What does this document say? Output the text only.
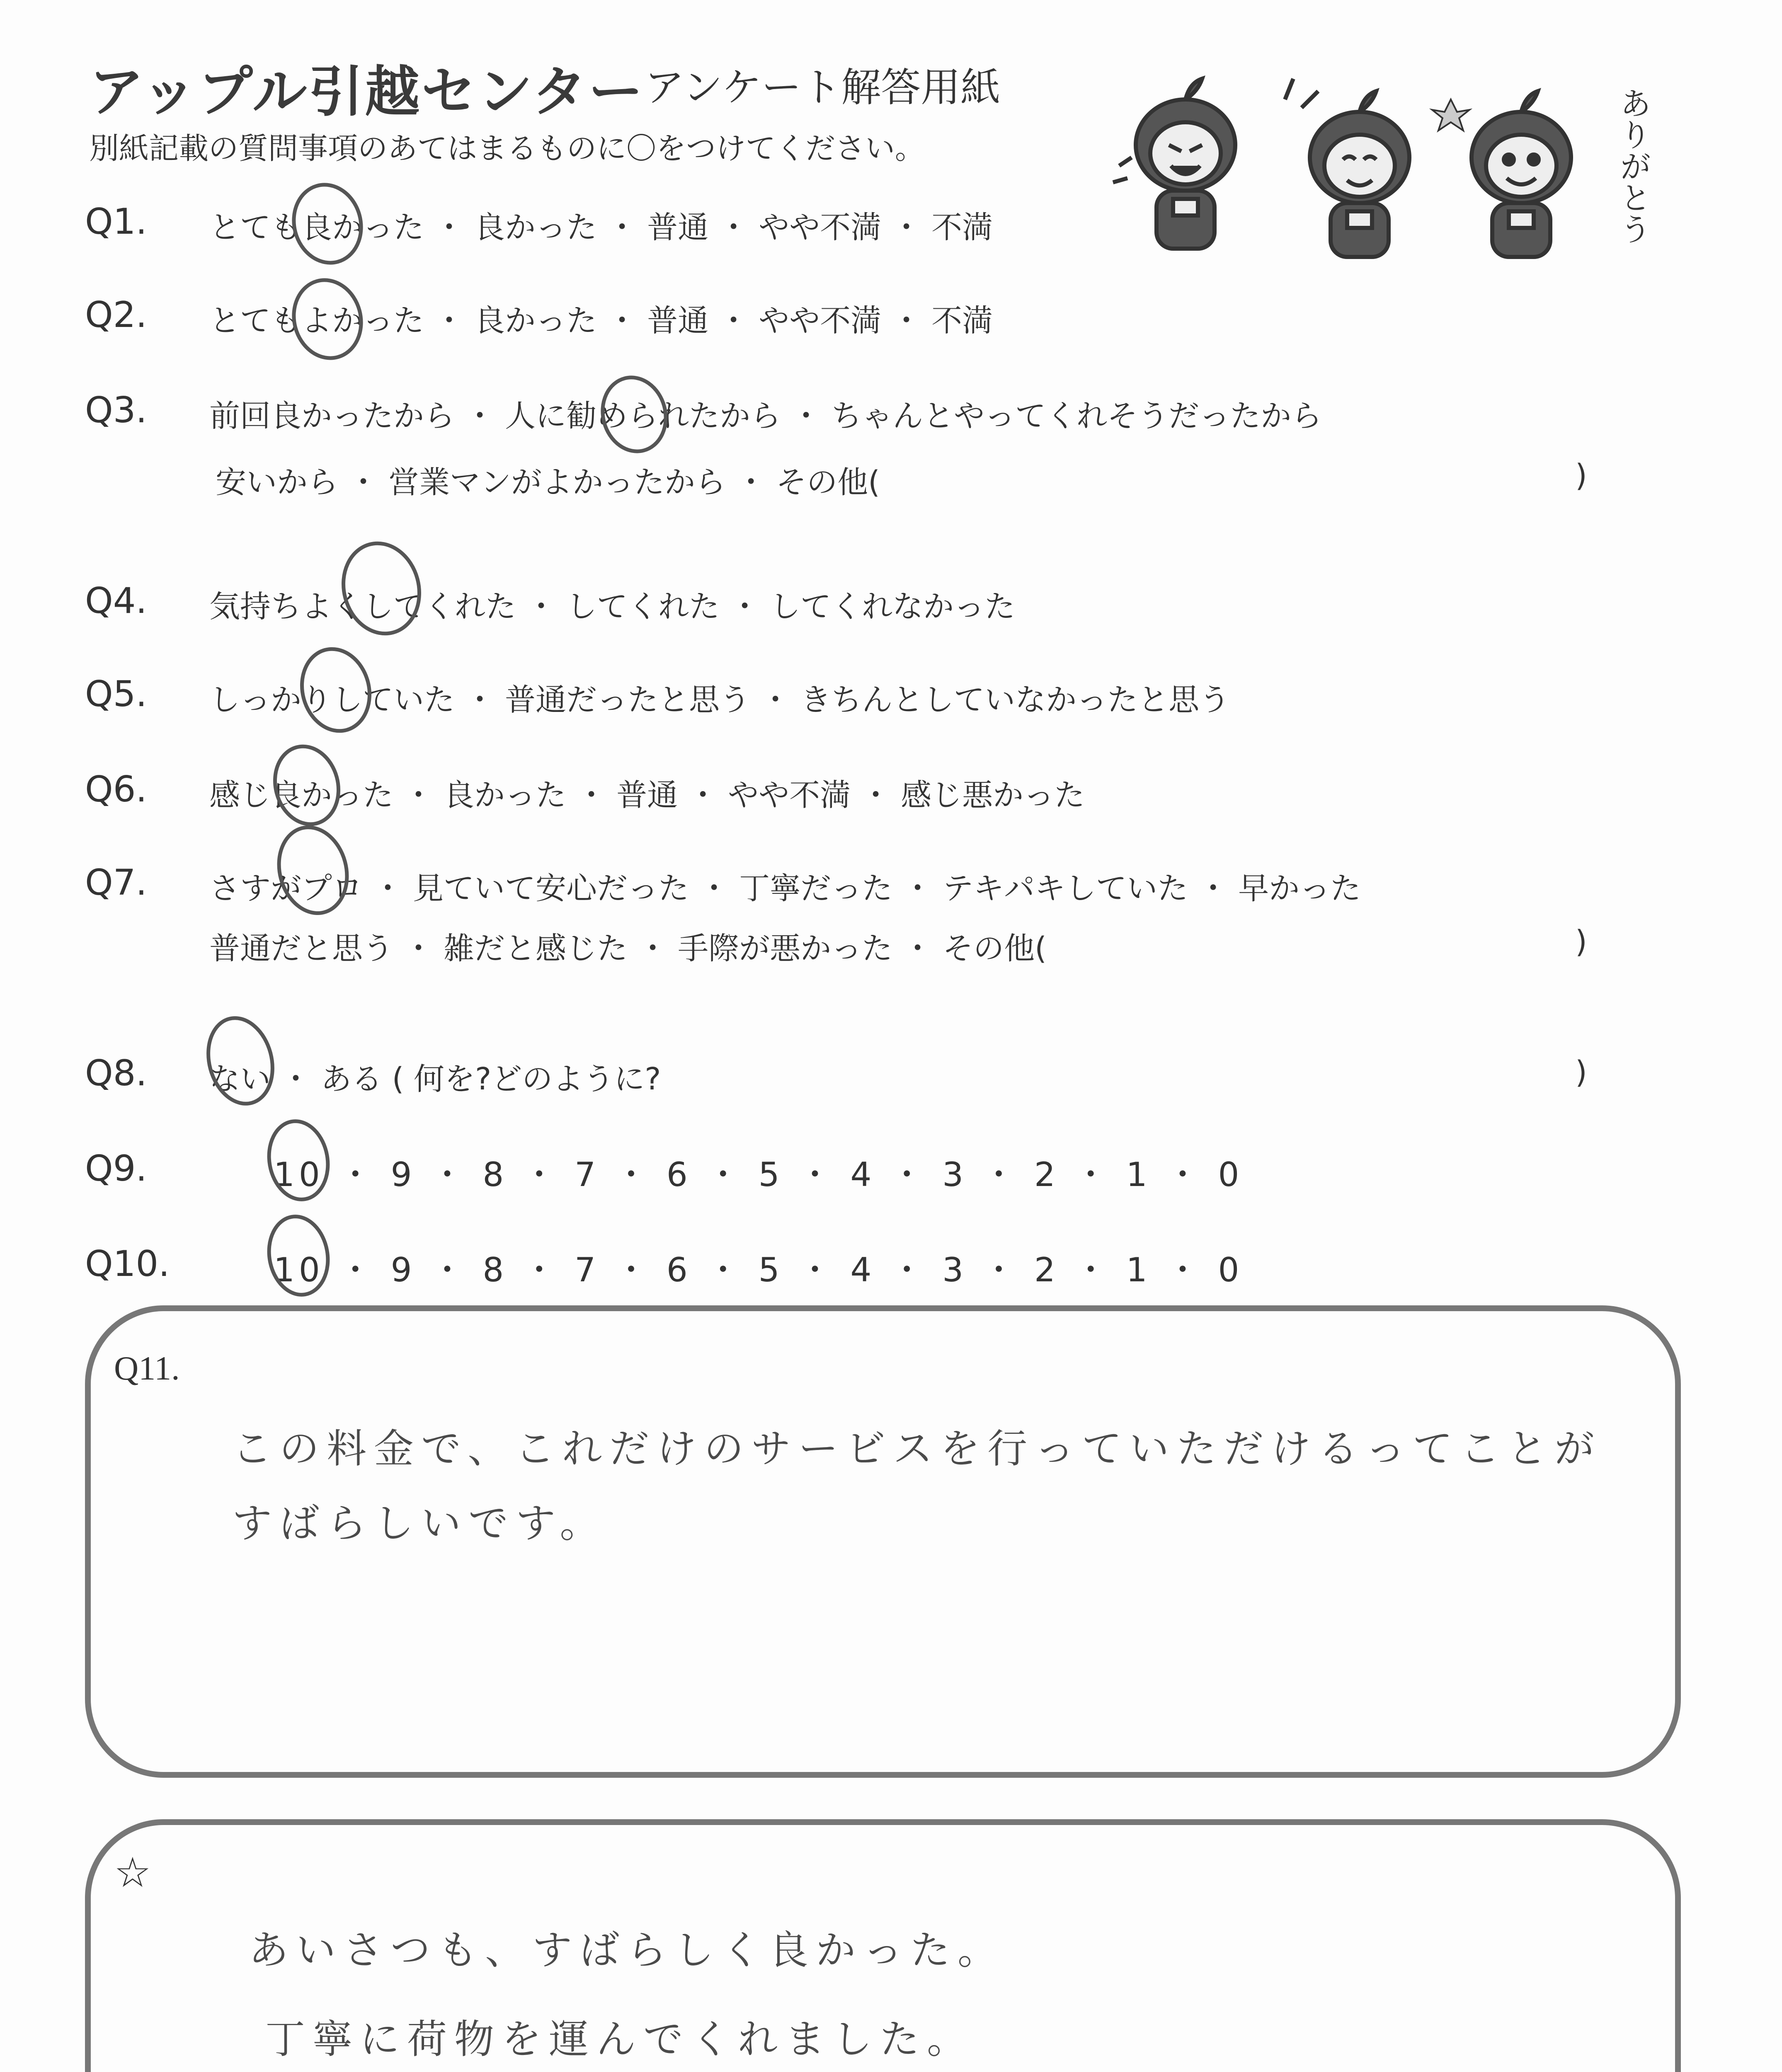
アップル引越センター アンケート解答用紙
別紙記載の質問事項のあてはまるものに〇をつけてください。	ありがとう
Q1. とても良かった ・ 良かった ・ 普通 ・ やや不満 ・ 不満
Q2. とてもよかった ・ 良かった ・ 普通 ・ やや不満 ・ 不満
Q3. 前回良かったから ・ 人に勧められたから ・ ちゃんとやってくれそうだったから
安いから ・ 営業マンがよかったから ・ その他(	)
Q4. 気持ちよくしてくれた ・ してくれた ・ してくれなかった
Q5. しっかりしていた ・ 普通だったと思う ・ きちんとしていなかったと思う
Q6. 感じ良かった ・ 良かった ・ 普通 ・ やや不満 ・ 感じ悪かった
Q7. さすがプロ ・ 見ていて安心だった ・ 丁寧だった ・ テキパキしていた ・ 早かった
普通だと思う ・ 雑だと感じた ・ 手際が悪かった ・ その他(	)
Q8. ない ・ ある ( 何を?どのように?	)
Q9.	10 ・ 9 ・ 8 ・ 7 ・ 6 ・ 5 ・ 4 ・ 3 ・ 2 ・ 1 ・ 0
Q10.	10 ・ 9 ・ 8 ・ 7 ・ 6 ・ 5 ・ 4 ・ 3 ・ 2 ・ 1 ・ 0
Q11.
この料金で、これだけのサービスを行っていただけるってことが
すばらしいです。
☆
あいさつも、すばらしく良かった。
丁寧に荷物を運んでくれました。
